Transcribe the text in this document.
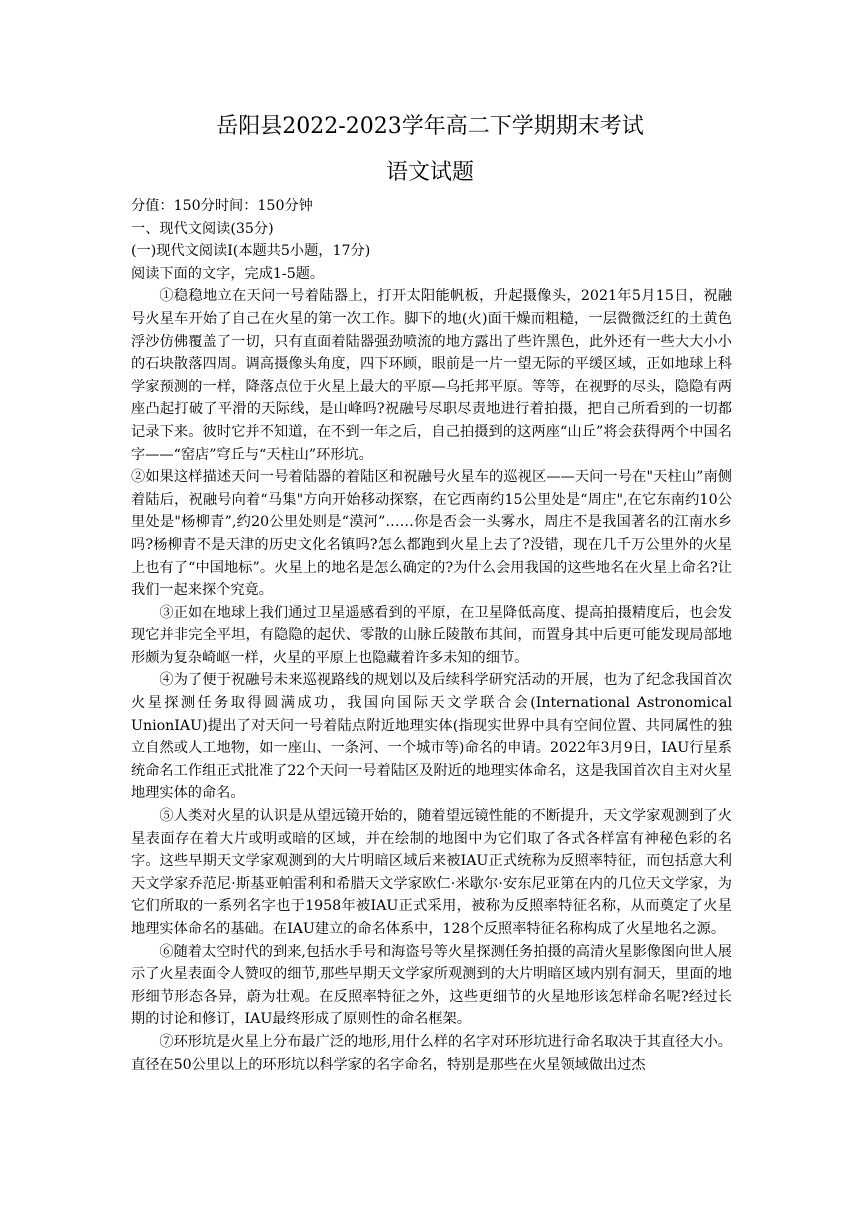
岳阳县2022-2023学年高二下学期期末考试
语文试题

分值：150分时间：150分钟

一、现代文阅读(35分)

(一)现代文阅读I(本题共5小题，17分)

阅读下面的文字，完成1-5题。

①稳稳地立在天问一号着陆器上，打开太阳能帆板，升起摄像头，2021年5月15日，祝融号火星车开始了自己在火星的第一次工作。脚下的地(火)面干燥而粗糙，一层微微泛红的土黄色浮沙仿佛覆盖了一切，只有直面着陆器强劲喷流的地方露出了些许黑色，此外还有一些大大小小的石块散落四周。调高摄像头角度，四下环顾，眼前是一片一望无际的平缓区域，正如地球上科学家预测的一样，降落点位于火星上最大的平原—乌托邦平原。等等，在视野的尽头，隐隐有两座凸起打破了平滑的天际线，是山峰吗?祝融号尽职尽责地进行着拍摄，把自己所看到的一切都记录下来。彼时它并不知道，在不到一年之后，自己拍摄到的这两座“山丘”将会获得两个中国名字——“窑店”穹丘与“天柱山”环形坑。

②如果这样描述天问一号着陆器的着陆区和祝融号火星车的巡视区——天问一号在"天柱山”南侧着陆后，祝融号向着“马集"方向开始移动探察，在它西南约15公里处是“周庄",在它东南约10公里处是"杨柳青”,约20公里处则是“漠河”……你是否会一头雾水，周庄不是我国著名的江南水乡吗?杨柳青不是天津的历史文化名镇吗?怎么都跑到火星上去了?没错，现在几千万公里外的火星上也有了“中国地标”。火星上的地名是怎么确定的?为什么会用我国的这些地名在火星上命名?让我们一起来探个究竟。

③正如在地球上我们通过卫星遥感看到的平原，在卫星降低高度、提高拍摄精度后，也会发现它并非完全平坦，有隐隐的起伏、零散的山脉丘陵散布其间，而置身其中后更可能发现局部地形颇为复杂崎岖一样，火星的平原上也隐藏着许多未知的细节。

④为了便于祝融号未来巡视路线的规划以及后续科学研究活动的开展，也为了纪念我国首次火星探测任务取得圆满成功，我国向国际天文学联合会(International Astronomical UnionIAU)提出了对天问一号着陆点附近地理实体(指现实世界中具有空间位置、共同属性的独立自然或人工地物，如一座山、一条河、一个城市等)命名的申请。2022年3月9日，IAU行星系统命名工作组正式批准了22个天问一号着陆区及附近的地理实体命名，这是我国首次自主对火星地理实体的命名。

⑤人类对火星的认识是从望远镜开始的，随着望远镜性能的不断提升，天文学家观测到了火星表面存在着大片或明或暗的区域，并在绘制的地图中为它们取了各式各样富有神秘色彩的名字。这些早期天文学家观测到的大片明暗区域后来被IAU正式统称为反照率特征，而包括意大利天文学家乔范尼·斯基亚帕雷利和希腊天文学家欧仁·米歇尔·安东尼亚第在内的几位天文学家，为它们所取的一系列名字也于1958年被IAU正式采用，被称为反照率特征名称，从而奠定了火星地理实体命名的基础。在IAU建立的命名体系中，128个反照率特征名称构成了火星地名之源。

⑥随着太空时代的到来,包括水手号和海盗号等火星探测任务拍摄的高清火星影像图向世人展示了火星表面令人赞叹的细节,那些早期天文学家所观测到的大片明暗区域内别有洞天，里面的地形细节形态各异，蔚为壮观。在反照率特征之外，这些更细节的火星地形该怎样命名呢?经过长期的讨论和修订，IAU最终形成了原则性的命名框架。

⑦环形坑是火星上分布最广泛的地形,用什么样的名字对环形坑进行命名取决于其直径大小。直径在50公里以上的环形坑以科学家的名字命名，特别是那些在火星领域做出过杰
